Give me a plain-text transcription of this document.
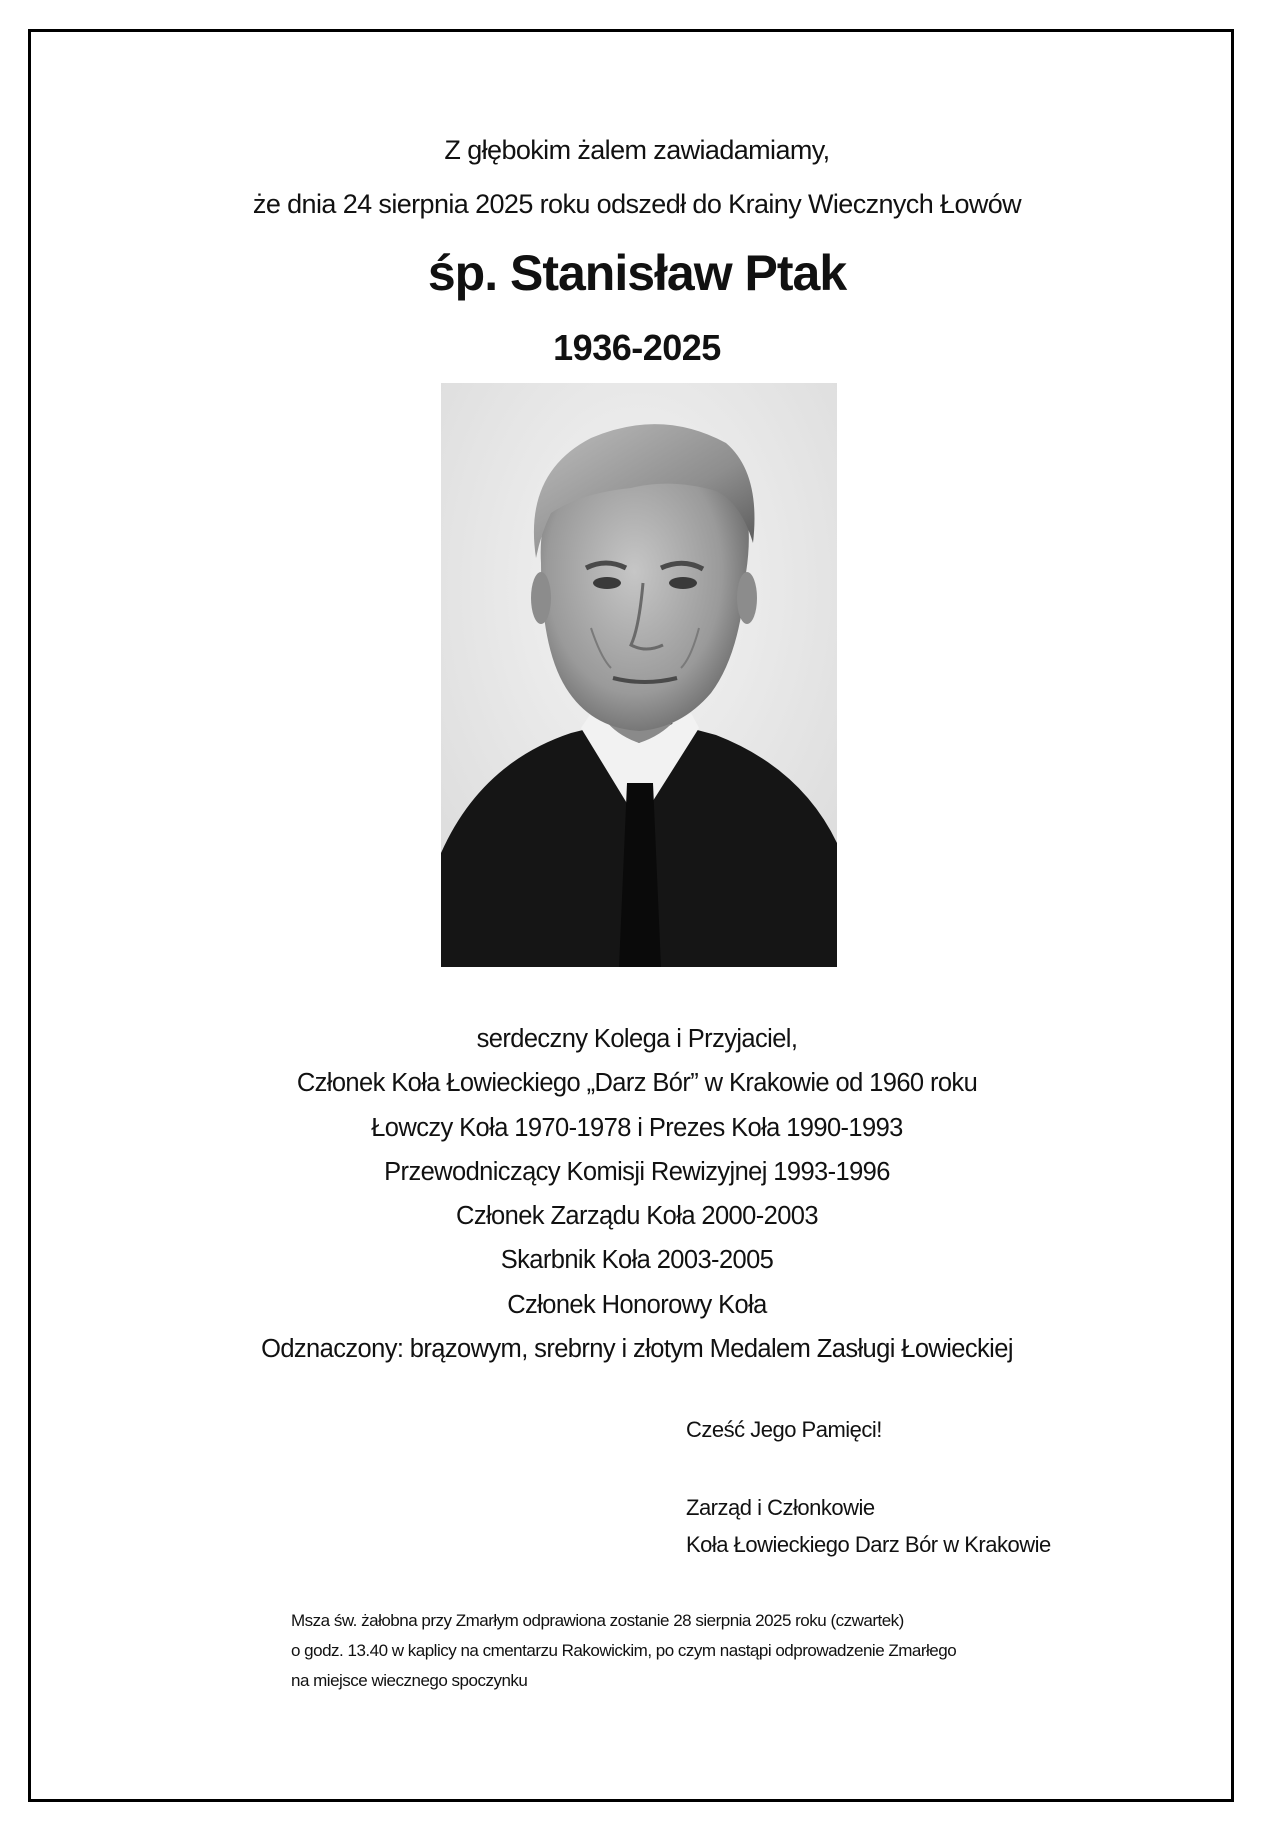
Z głębokim żalem zawiadamiamy,
że dnia 24 sierpnia 2025 roku odszedł do Krainy Wiecznych Łowów
śp. Stanisław Ptak
1936-2025
serdeczny Kolega i Przyjaciel,
Członek Koła Łowieckiego „Darz Bór” w Krakowie od 1960 roku
Łowczy Koła 1970-1978 i Prezes Koła 1990-1993
Przewodniczący Komisji Rewizyjnej 1993-1996
Członek Zarządu Koła 2000-2003
Skarbnik Koła 2003-2005
Członek Honorowy Koła
Odznaczony: brązowym, srebrny i złotym Medalem Zasługi Łowieckiej
Cześć Jego Pamięci!
Zarząd i Członkowie
Koła Łowieckiego Darz Bór w Krakowie
Msza św. żałobna przy Zmarłym odprawiona zostanie 28 sierpnia 2025 roku (czwartek)
o godz. 13.40 w kaplicy na cmentarzu Rakowickim, po czym nastąpi odprowadzenie Zmarłego
na miejsce wiecznego spoczynku
